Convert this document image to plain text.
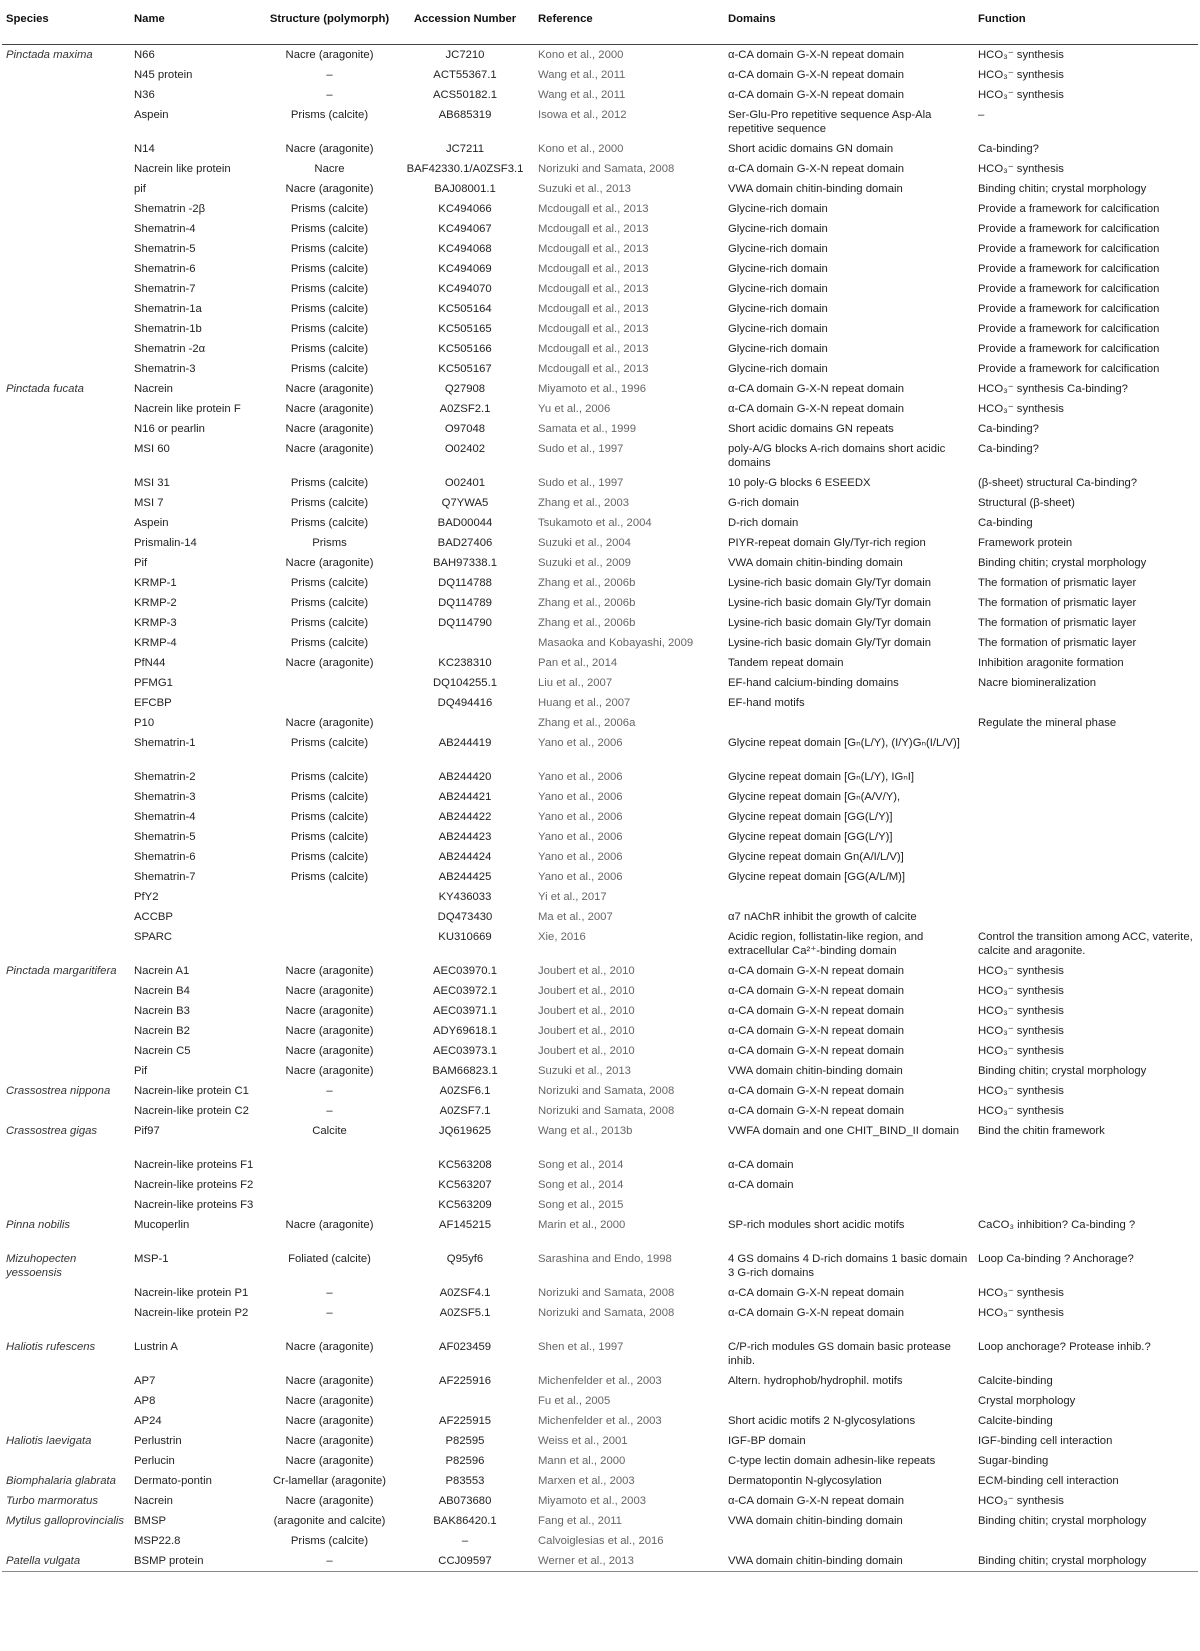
Species	Name	Structure (polymorph)	Accession Number	Reference	Domains	Function
Pinctada maxima	N66	Nacre (aragonite)	JC7210	Kono et al., 2000	α-CA domain G-X-N repeat domain	HCO₃⁻ synthesis
	N45 protein	–	ACT55367.1	Wang et al., 2011	α-CA domain G-X-N repeat domain	HCO₃⁻ synthesis
	N36	–	ACS50182.1	Wang et al., 2011	α-CA domain G-X-N repeat domain	HCO₃⁻ synthesis
	Aspein	Prisms (calcite)	AB685319	Isowa et al., 2012	Ser-Glu-Pro repetitive sequence Asp-Ala repetitive sequence	–
	N14	Nacre (aragonite)	JC7211	Kono et al., 2000	Short acidic domains GN domain	Ca-binding?
	Nacrein like protein	Nacre	BAF42330.1/A0ZSF3.1	Norizuki and Samata, 2008	α-CA domain G-X-N repeat domain	HCO₃⁻ synthesis
	pif	Nacre (aragonite)	BAJ08001.1	Suzuki et al., 2013	VWA domain chitin-binding domain	Binding chitin; crystal morphology
	Shematrin -2β	Prisms (calcite)	KC494066	Mcdougall et al., 2013	Glycine-rich domain	Provide a framework for calcification
	Shematrin-4	Prisms (calcite)	KC494067	Mcdougall et al., 2013	Glycine-rich domain	Provide a framework for calcification
	Shematrin-5	Prisms (calcite)	KC494068	Mcdougall et al., 2013	Glycine-rich domain	Provide a framework for calcification
	Shematrin-6	Prisms (calcite)	KC494069	Mcdougall et al., 2013	Glycine-rich domain	Provide a framework for calcification
	Shematrin-7	Prisms (calcite)	KC494070	Mcdougall et al., 2013	Glycine-rich domain	Provide a framework for calcification
	Shematrin-1a	Prisms (calcite)	KC505164	Mcdougall et al., 2013	Glycine-rich domain	Provide a framework for calcification
	Shematrin-1b	Prisms (calcite)	KC505165	Mcdougall et al., 2013	Glycine-rich domain	Provide a framework for calcification
	Shematrin -2α	Prisms (calcite)	KC505166	Mcdougall et al., 2013	Glycine-rich domain	Provide a framework for calcification
	Shematrin-3	Prisms (calcite)	KC505167	Mcdougall et al., 2013	Glycine-rich domain	Provide a framework for calcification
Pinctada fucata	Nacrein	Nacre (aragonite)	Q27908	Miyamoto et al., 1996	α-CA domain G-X-N repeat domain	HCO₃⁻ synthesis Ca-binding?
	Nacrein like protein F	Nacre (aragonite)	A0ZSF2.1	Yu et al., 2006	α-CA domain G-X-N repeat domain	HCO₃⁻ synthesis
	N16 or pearlin	Nacre (aragonite)	O97048	Samata et al., 1999	Short acidic domains GN repeats	Ca-binding?
	MSI 60	Nacre (aragonite)	O02402	Sudo et al., 1997	poly-A/G blocks A-rich domains short acidic domains	Ca-binding?
	MSI 31	Prisms (calcite)	O02401	Sudo et al., 1997	10 poly-G blocks 6 ESEEDX	(β-sheet) structural Ca-binding?
	MSI 7	Prisms (calcite)	Q7YWA5	Zhang et al., 2003	G-rich domain	Structural (β-sheet)
	Aspein	Prisms (calcite)	BAD00044	Tsukamoto et al., 2004	D-rich domain	Ca-binding
	Prismalin-14	Prisms	BAD27406	Suzuki et al., 2004	PIYR-repeat domain Gly/Tyr-rich region	Framework protein
	Pif	Nacre (aragonite)	BAH97338.1	Suzuki et al., 2009	VWA domain chitin-binding domain	Binding chitin; crystal morphology
	KRMP-1	Prisms (calcite)	DQ114788	Zhang et al., 2006b	Lysine-rich basic domain Gly/Tyr domain	The formation of prismatic layer
	KRMP-2	Prisms (calcite)	DQ114789	Zhang et al., 2006b	Lysine-rich basic domain Gly/Tyr domain	The formation of prismatic layer
	KRMP-3	Prisms (calcite)	DQ114790	Zhang et al., 2006b	Lysine-rich basic domain Gly/Tyr domain	The formation of prismatic layer
	KRMP-4	Prisms (calcite)		Masaoka and Kobayashi, 2009	Lysine-rich basic domain Gly/Tyr domain	The formation of prismatic layer
	PfN44	Nacre (aragonite)	KC238310	Pan et al., 2014	Tandem repeat domain	Inhibition aragonite formation
	PFMG1		DQ104255.1	Liu et al., 2007	EF-hand calcium-binding domains	Nacre biomineralization
	EFCBP		DQ494416	Huang et al., 2007	EF-hand motifs	
	P10	Nacre (aragonite)		Zhang et al., 2006a		Regulate the mineral phase
	Shematrin-1	Prisms (calcite)	AB244419	Yano et al., 2006	Glycine repeat domain [Gₙ(L/Y), (I/Y)Gₙ(I/L/V)]	
	Shematrin-2	Prisms (calcite)	AB244420	Yano et al., 2006	Glycine repeat domain [Gₙ(L/Y), IGₙI]	
	Shematrin-3	Prisms (calcite)	AB244421	Yano et al., 2006	Glycine repeat domain [Gₙ(A/V/Y),	
	Shematrin-4	Prisms (calcite)	AB244422	Yano et al., 2006	Glycine repeat domain [GG(L/Y)]	
	Shematrin-5	Prisms (calcite)	AB244423	Yano et al., 2006	Glycine repeat domain [GG(L/Y)]	
	Shematrin-6	Prisms (calcite)	AB244424	Yano et al., 2006	Glycine repeat domain Gn(A/I/L/V)]	
	Shematrin-7	Prisms (calcite)	AB244425	Yano et al., 2006	Glycine repeat domain [GG(A/L/M)]	
	PfY2		KY436033	Yi et al., 2017		
	ACCBP		DQ473430	Ma et al., 2007	α7 nAChR inhibit the growth of calcite	
	SPARC		KU310669	Xie, 2016	Acidic region, follistatin-like region, and extracellular Ca²⁺-binding domain	Control the transition among ACC, vaterite, calcite and aragonite.
Pinctada margaritifera	Nacrein A1	Nacre (aragonite)	AEC03970.1	Joubert et al., 2010	α-CA domain G-X-N repeat domain	HCO₃⁻ synthesis
	Nacrein B4	Nacre (aragonite)	AEC03972.1	Joubert et al., 2010	α-CA domain G-X-N repeat domain	HCO₃⁻ synthesis
	Nacrein B3	Nacre (aragonite)	AEC03971.1	Joubert et al., 2010	α-CA domain G-X-N repeat domain	HCO₃⁻ synthesis
	Nacrein B2	Nacre (aragonite)	ADY69618.1	Joubert et al., 2010	α-CA domain G-X-N repeat domain	HCO₃⁻ synthesis
	Nacrein C5	Nacre (aragonite)	AEC03973.1	Joubert et al., 2010	α-CA domain G-X-N repeat domain	HCO₃⁻ synthesis
	Pif	Nacre (aragonite)	BAM66823.1	Suzuki et al., 2013	VWA domain chitin-binding domain	Binding chitin; crystal morphology
Crassostrea nippona	Nacrein-like protein C1	–	A0ZSF6.1	Norizuki and Samata, 2008	α-CA domain G-X-N repeat domain	HCO₃⁻ synthesis
	Nacrein-like protein C2	–	A0ZSF7.1	Norizuki and Samata, 2008	α-CA domain G-X-N repeat domain	HCO₃⁻ synthesis
Crassostrea gigas	Pif97	Calcite	JQ619625	Wang et al., 2013b	VWFA domain and one CHIT_BIND_II domain	Bind the chitin framework
	Nacrein-like proteins F1		KC563208	Song et al., 2014	α-CA domain	
	Nacrein-like proteins F2		KC563207	Song et al., 2014	α-CA domain	
	Nacrein-like proteins F3		KC563209	Song et al., 2015		
Pinna nobilis	Mucoperlin	Nacre (aragonite)	AF145215	Marin et al., 2000	SP-rich modules short acidic motifs	CaCO₃ inhibition? Ca-binding ?
Mizuhopecten yessoensis	MSP-1	Foliated (calcite)	Q95yf6	Sarashina and Endo, 1998	4 GS domains 4 D-rich domains 1 basic domain 3 G-rich domains	Loop Ca-binding ? Anchorage?
	Nacrein-like protein P1	–	A0ZSF4.1	Norizuki and Samata, 2008	α-CA domain G-X-N repeat domain	HCO₃⁻ synthesis
	Nacrein-like protein P2	–	A0ZSF5.1	Norizuki and Samata, 2008	α-CA domain G-X-N repeat domain	HCO₃⁻ synthesis
Haliotis rufescens	Lustrin A	Nacre (aragonite)	AF023459	Shen et al., 1997	C/P-rich modules GS domain basic protease inhib.	Loop anchorage? Protease inhib.?
	AP7	Nacre (aragonite)	AF225916	Michenfelder et al., 2003	Altern. hydrophob/hydrophil. motifs	Calcite-binding
	AP8	Nacre (aragonite)		Fu et al., 2005		Crystal morphology
	AP24	Nacre (aragonite)	AF225915	Michenfelder et al., 2003	Short acidic motifs 2 N-glycosylations	Calcite-binding
Haliotis laevigata	Perlustrin	Nacre (aragonite)	P82595	Weiss et al., 2001	IGF-BP domain	IGF-binding cell interaction
	Perlucin	Nacre (aragonite)	P82596	Mann et al., 2000	C-type lectin domain adhesin-like repeats	Sugar-binding
Biomphalaria glabrata	Dermato-pontin	Cr-lamellar (aragonite)	P83553	Marxen et al., 2003	Dermatopontin N-glycosylation	ECM-binding cell interaction
Turbo marmoratus	Nacrein	Nacre (aragonite)	AB073680	Miyamoto et al., 2003	α-CA domain G-X-N repeat domain	HCO₃⁻ synthesis
Mytilus galloprovincialis	BMSP	(aragonite and calcite)	BAK86420.1	Fang et al., 2011	VWA domain chitin-binding domain	Binding chitin; crystal morphology
	MSP22.8	Prisms (calcite)	–	Calvoiglesias et al., 2016		
Patella vulgata	BSMP protein	–	CCJ09597	Werner et al., 2013	VWA domain chitin-binding domain	Binding chitin; crystal morphology
